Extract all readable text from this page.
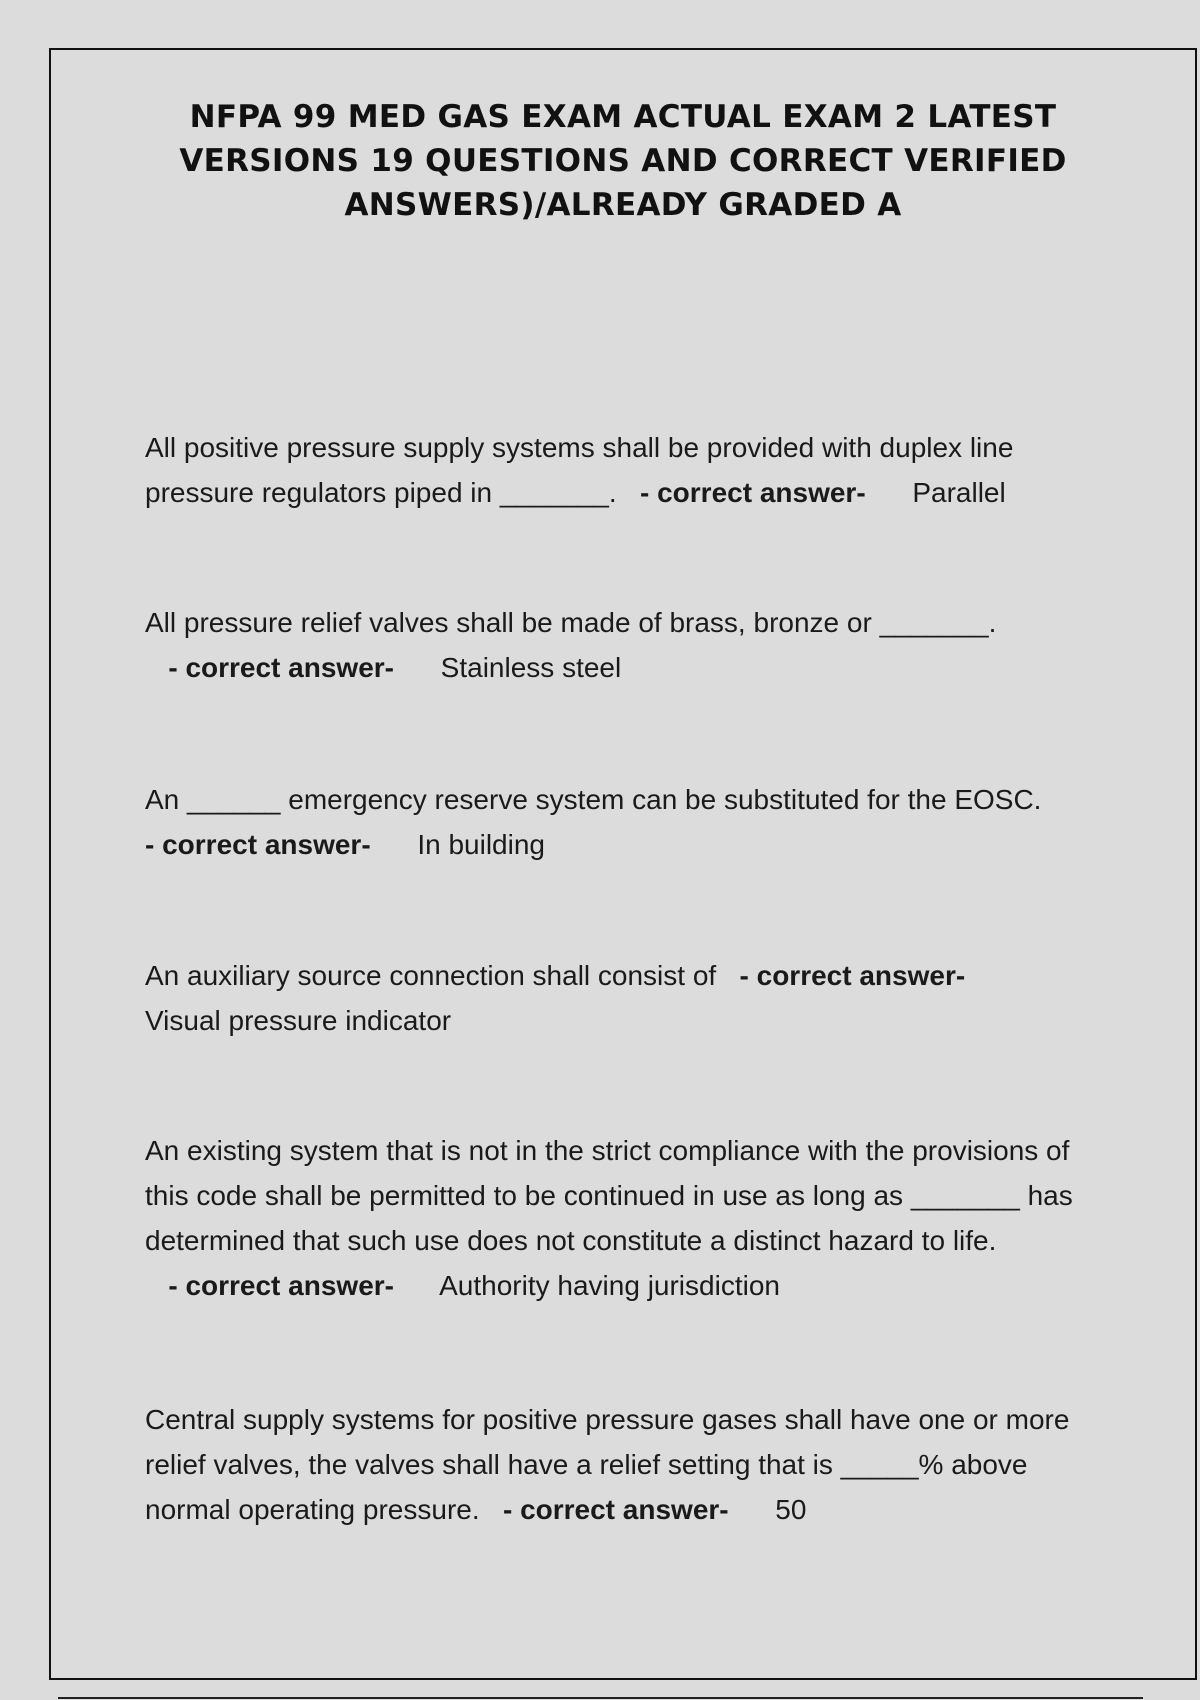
NFPA 99 MED GAS EXAM ACTUAL EXAM 2 LATEST VERSIONS 19 QUESTIONS AND CORRECT VERIFIED ANSWERS)/ALREADY GRADED A

All positive pressure supply systems shall be provided with duplex line pressure regulators piped in _______. - correct answer- Parallel

All pressure relief valves shall be made of brass, bronze or _______.   - correct answer- Stainless steel

An ______ emergency reserve system can be substituted for the EOSC.
- correct answer- In building

An auxiliary source connection shall consist of - correct answer-
Visual pressure indicator

An existing system that is not in the strict compliance with the provisions of this code shall be permitted to be continued in use as long as _______ has determined that such use does not constitute a distinct hazard to life.   - correct answer- Authority having jurisdiction

Central supply systems for positive pressure gases shall have one or more relief valves, the valves shall have a relief setting that is _____% above normal operating pressure. - correct answer- 50
